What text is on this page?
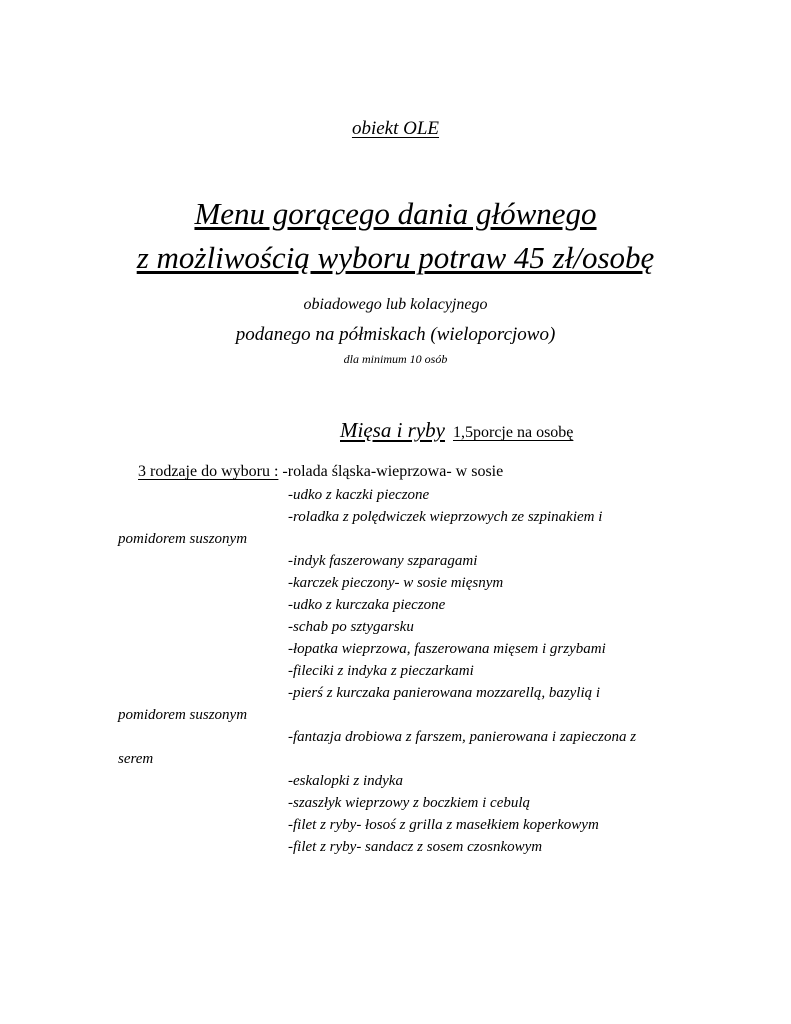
obiekt OLE
Menu gorącego dania głównego
z możliwością wyboru potraw 45 zł/osobę
obiadowego lub kolacyjnego
podanego na półmiskach (wieloporcjowo)
dla minimum 10 osób
Mięsa i ryby 1,5porcje na osobę
3 rodzaje do wyboru : -rolada śląska-wieprzowa- w sosie
-udko z kaczki pieczone
-roladka z polędwiczek wieprzowych ze szpinakiem i
pomidorem suszonym
-indyk faszerowany szparagami
-karczek pieczony- w sosie mięsnym
-udko z kurczaka pieczone
-schab po sztygarsku
-łopatka wieprzowa, faszerowana mięsem i grzybami
-fileciki z indyka z pieczarkami
-pierś z kurczaka panierowana mozzarellą, bazylią i
pomidorem suszonym
-fantazja drobiowa z farszem, panierowana i zapieczona z
serem
-eskalopki z indyka
-szaszłyk wieprzowy z boczkiem i cebulą
-filet z ryby- łosoś z grilla z masełkiem koperkowym
-filet z ryby- sandacz z sosem czosnkowym
